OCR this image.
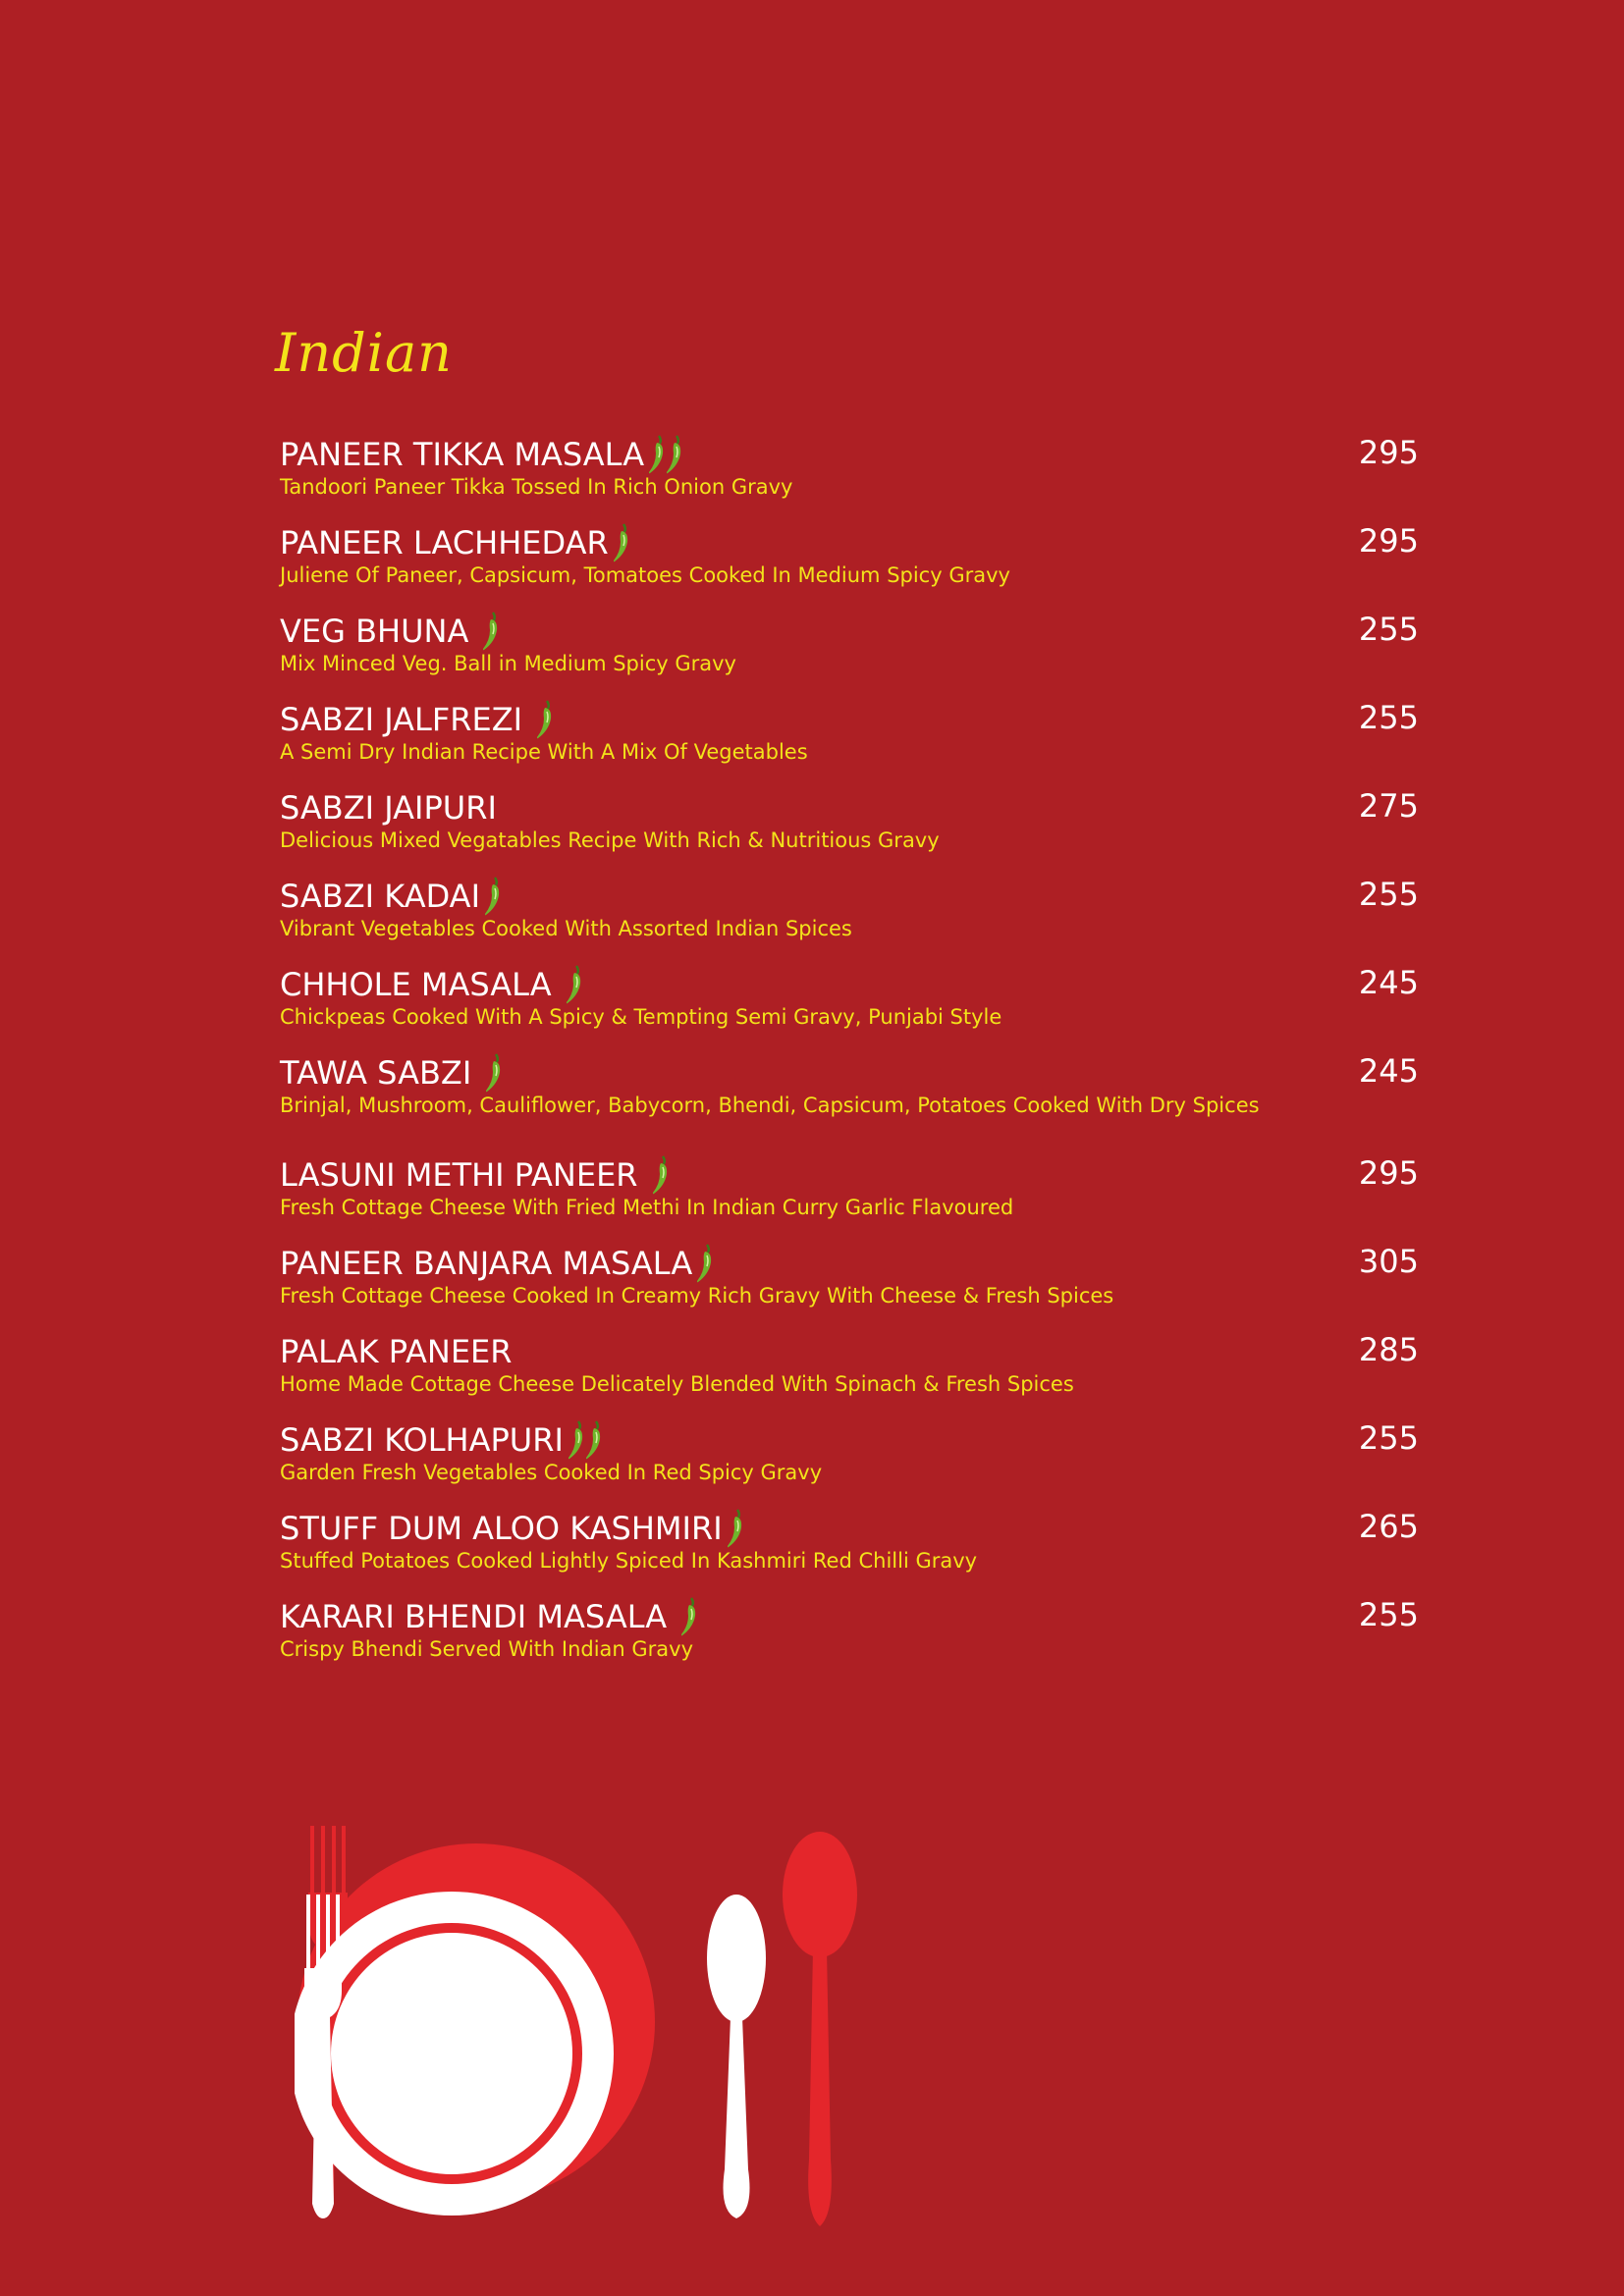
Indian
PANEER TIKKA MASALA
Tandoori Paneer Tikka Tossed In Rich Onion Gravy
295
PANEER LACHHEDAR
Juliene Of Paneer, Capsicum, Tomatoes Cooked In Medium Spicy Gravy
295
VEG BHUNA
Mix Minced Veg. Ball in Medium Spicy Gravy
255
SABZI JALFREZI
A Semi Dry Indian Recipe With A Mix Of Vegetables
255
SABZI JAIPURI
Delicious Mixed Vegatables Recipe With Rich & Nutritious Gravy
275
SABZI KADAI
Vibrant Vegetables Cooked With Assorted Indian Spices
255
CHHOLE MASALA
Chickpeas Cooked With A Spicy & Tempting Semi Gravy, Punjabi Style
245
TAWA SABZI
Brinjal, Mushroom, Cauliflower, Babycorn, Bhendi, Capsicum, Potatoes Cooked With Dry Spices
245
LASUNI METHI PANEER
Fresh Cottage Cheese With Fried Methi In Indian Curry Garlic Flavoured
295
PANEER BANJARA MASALA
Fresh Cottage Cheese Cooked In Creamy Rich Gravy With Cheese & Fresh Spices
305
PALAK PANEER
Home Made Cottage Cheese Delicately Blended With Spinach & Fresh Spices
285
SABZI KOLHAPURI
Garden Fresh Vegetables Cooked In Red Spicy Gravy
255
STUFF DUM ALOO KASHMIRI
Stuffed Potatoes Cooked Lightly Spiced In Kashmiri Red Chilli Gravy
265
KARARI BHENDI MASALA
Crispy Bhendi Served With Indian Gravy
255
